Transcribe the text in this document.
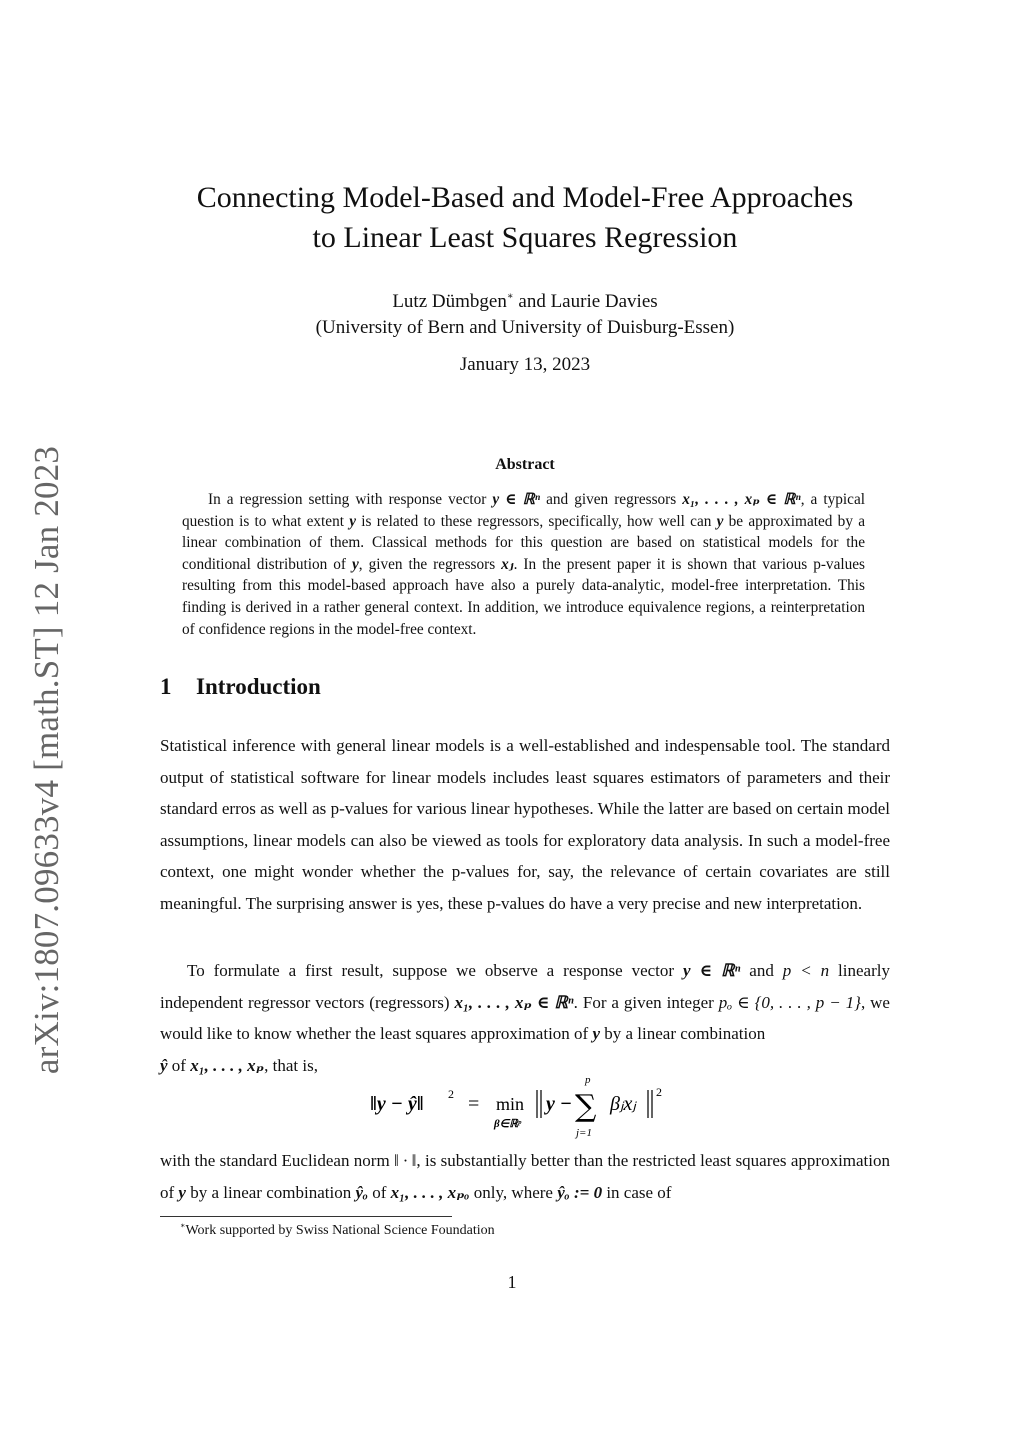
arXiv:1807.09633v4 [math.ST] 12 Jan 2023
Connecting Model-Based and Model-Free Approaches
to Linear Least Squares Regression
Lutz Dümbgen∗ and Laurie Davies
(University of Bern and University of Duisburg-Essen)
January 13, 2023
Abstract

In a regression setting with response vector y ∈ ℝⁿ and given regressors x₁, . . . , xₚ ∈ ℝⁿ, a typical question is to what extent y is related to these regressors, specifically, how well can y be approximated by a linear combination of them. Classical methods for this question are based on statistical models for the conditional distribution of y, given the regressors xⱼ. In the present paper it is shown that various p-values resulting from this model-based approach have also a purely data-analytic, model-free interpretation. This finding is derived in a rather general context. In addition, we introduce equivalence regions, a reinterpretation of confidence regions in the model-free context.

1 Introduction

Statistical inference with general linear models is a well-established and indespensable tool. The standard output of statistical software for linear models includes least squares estimators of parameters and their standard erros as well as p-values for various linear hypotheses. While the latter are based on certain model assumptions, linear models can also be viewed as tools for exploratory data analysis. In such a model-free context, one might wonder whether the p-values for, say, the relevance of certain covariates are still meaningful. The surprising answer is yes, these p-values do have a very precise and new interpretation.

To formulate a first result, suppose we observe a response vector y ∈ ℝⁿ and p < n linearly independent regressor vectors (regressors) x₁, . . . , xₚ ∈ ℝⁿ. For a given integer pₒ ∈ {0, . . . , p − 1}, we would like to know whether the least squares approximation of y by a linear combination
ŷ of x₁, . . . , xₚ, that is,

‖y − ŷ‖ 2 = min
β∈ℝᵖ
y −
p
∑
j=1
βⱼxⱼ
2

with the standard Euclidean norm ‖ · ‖, is substantially better than the restricted least squares approximation of y by a linear combination ŷₒ of x₁, . . . , xₚₒ only, where ŷₒ := 0 in case of

∗Work supported by Swiss National Science Foundation
1
